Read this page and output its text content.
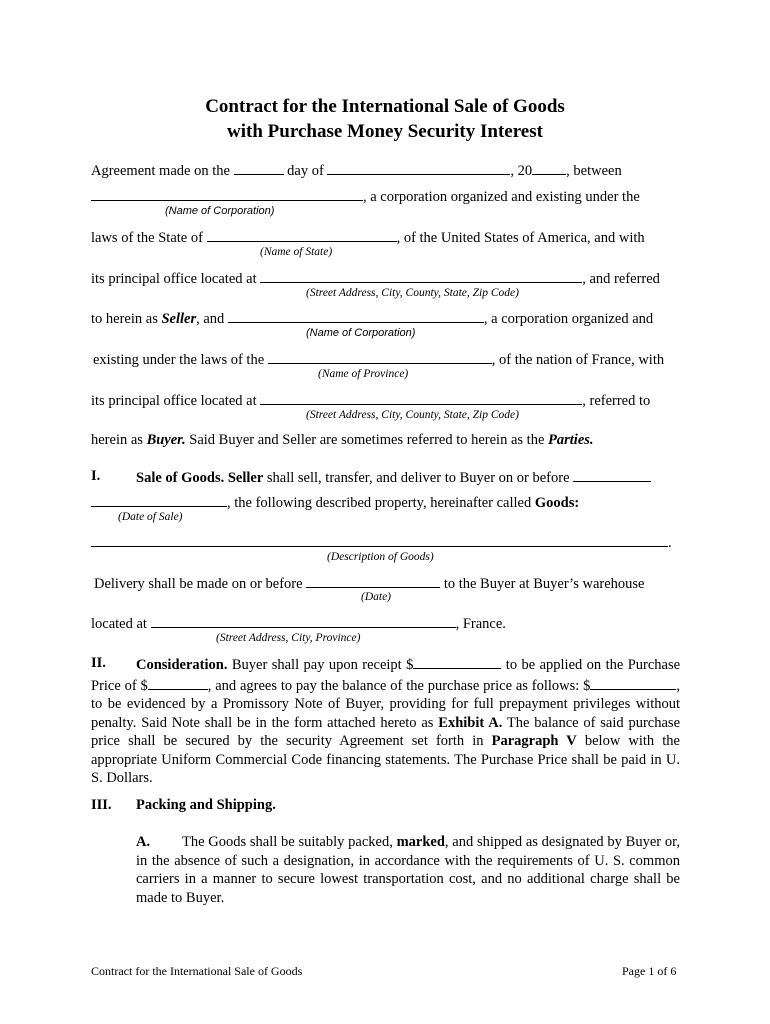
Contract for the International Sale of Goods
with Purchase Money Security Interest
Agreement made on the	day of	, 20 , between
, a corporation organized and existing under the
(Name of Corporation)
laws of the State of	, of the United States of America, and with
(Name of State)
its principal office located at	, and referred
(Street Address, City, County, State, Zip Code)
to herein as Seller, and	, a corporation organized and
(Name of Corporation)
existing under the laws of the	, of the nation of France, with
(Name of Province)
its principal office located at	, referred to
(Street Address, City, County, State, Zip Code)
herein as Buyer. Said Buyer and Seller are sometimes referred to herein as the Parties.
I. Sale of Goods. Seller shall sell, transfer, and deliver to Buyer on or before
, the following described property, hereinafter called Goods:
(Date of Sale)
.
(Description of Goods)
Delivery shall be made on or before	to the Buyer at Buyer’s warehouse
(Date)
located at	, France.
(Street Address, City, Province)
II.	Consideration. Buyer shall pay upon receipt $	to be applied on the Purchase Price of $	, and agrees to pay the balance of the purchase price as follows: $	, to be evidenced by a Promissory Note of Buyer, providing for full prepayment privileges without penalty. Said Note shall be in the form attached hereto as Exhibit A. The balance of said purchase price shall be secured by the security Agreement set forth in Paragraph V below with the appropriate Uniform Commercial Code financing statements. The Purchase Price shall be paid in U. S. Dollars.
III. Packing and Shipping.
A.	The Goods shall be suitably packed, marked, and shipped as designated by Buyer or, in the absence of such a designation, in accordance with the requirements of U. S. common carriers in a manner to secure lowest transportation cost, and no additional charge shall be made to Buyer.
Contract for the International Sale of Goods	Page 1 of 6
